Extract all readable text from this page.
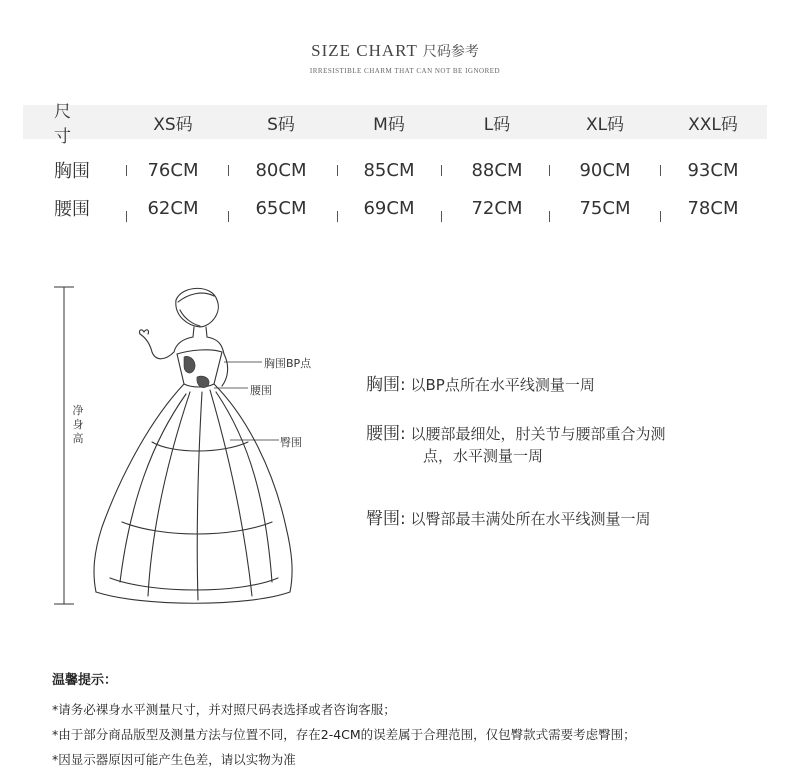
SIZE CHART 尺码参考
IRRESISTIBLE CHARM THAT CAN NOT BE IGNORED
尺 寸
XS码	S码	M码	L码	XL码	XXL码
胸围	76CM	80CM	85CM	88CM	90CM	93CM
腰围	62CM	65CM	69CM	72CM	75CM	78CM
净
身
高
胸围BP点
腰围
臀围
胸围: 以BP点所在水平线测量一周
腰围: 以腰部最细处，肘关节与腰部重合为测
点，水平测量一周
臀围: 以臀部最丰满处所在水平线测量一周
温馨提示：
*请务必裸身水平测量尺寸，并对照尺码表选择或者咨询客服；
*由于部分商品版型及测量方法与位置不同，存在2-4CM的误差属于合理范围，仅包臀款式需要考虑臀围；
*因显示器原因可能产生色差，请以实物为准
